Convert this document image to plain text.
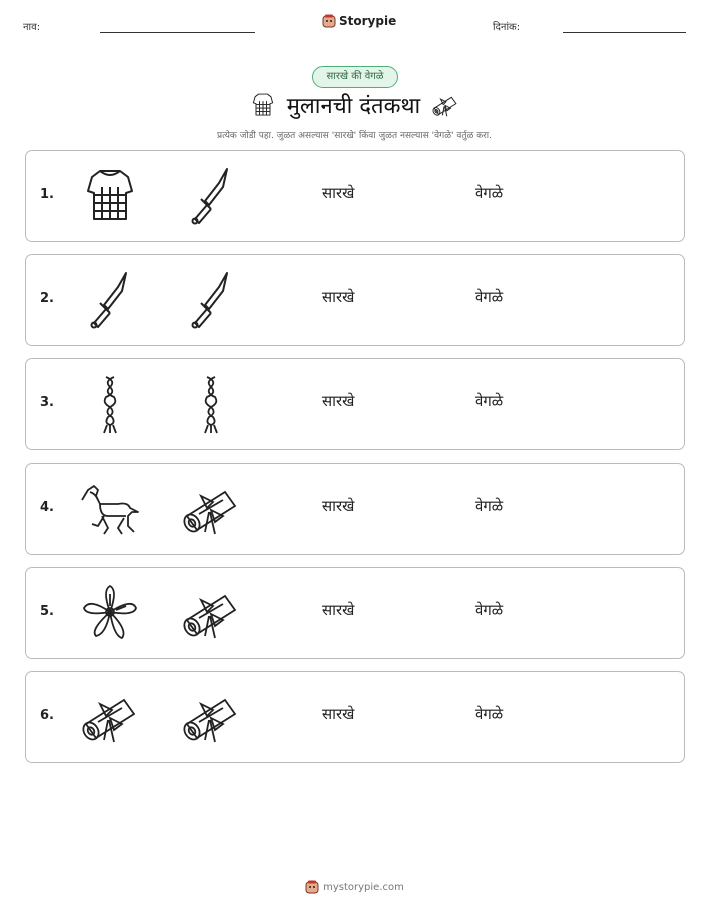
नाव:	Storypie	दिनांक:
सारखे की वेगळे
मुलानची दंतकथा
प्रत्येक जोडी पहा. जुळत असल्यास 'सारखे' किंवा जुळत नसल्यास 'वेगळे' वर्तुळ करा.
1.	सारखे	वेगळे
2.	सारखे	वेगळे
3.	सारखे	वेगळे
4.	सारखे	वेगळे
5.	सारखे	वेगळे
6.	सारखे	वेगळे
mystorypie.com
